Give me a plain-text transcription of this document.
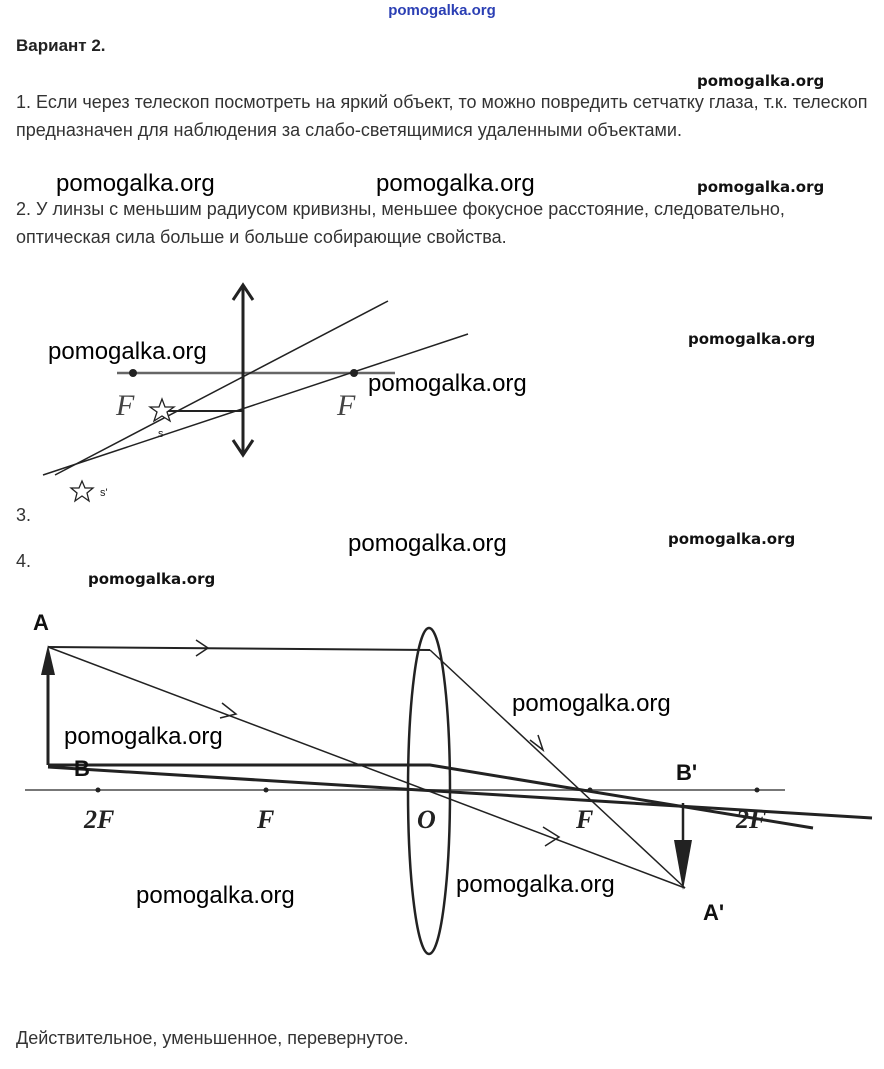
pomogalka.org
Вариант 2.
pomogalka.org
1. Если через телескоп посмотреть на яркий объект, то можно повредить сетчатку глаза, т.к. телескоп предназначен для наблюдения за слабо-светящимися удаленными объектами.
pomogalka.org	pomogalka.org	pomogalka.org
2. У линзы с меньшим радиусом кривизны, меньшее фокусное расстояние, следовательно, оптическая сила больше и больше собирающие свойства.
F	F
s
s'
pomogalka.org
pomogalka.org
pomogalka.org
3.
4.
pomogalka.org	pomogalka.org
pomogalka.org
A
B	B'
A'
2F	F	O	F	2F
pomogalka.org
pomogalka.org
pomogalka.org
pomogalka.org
Действительное, уменьшенное, перевернутое.
